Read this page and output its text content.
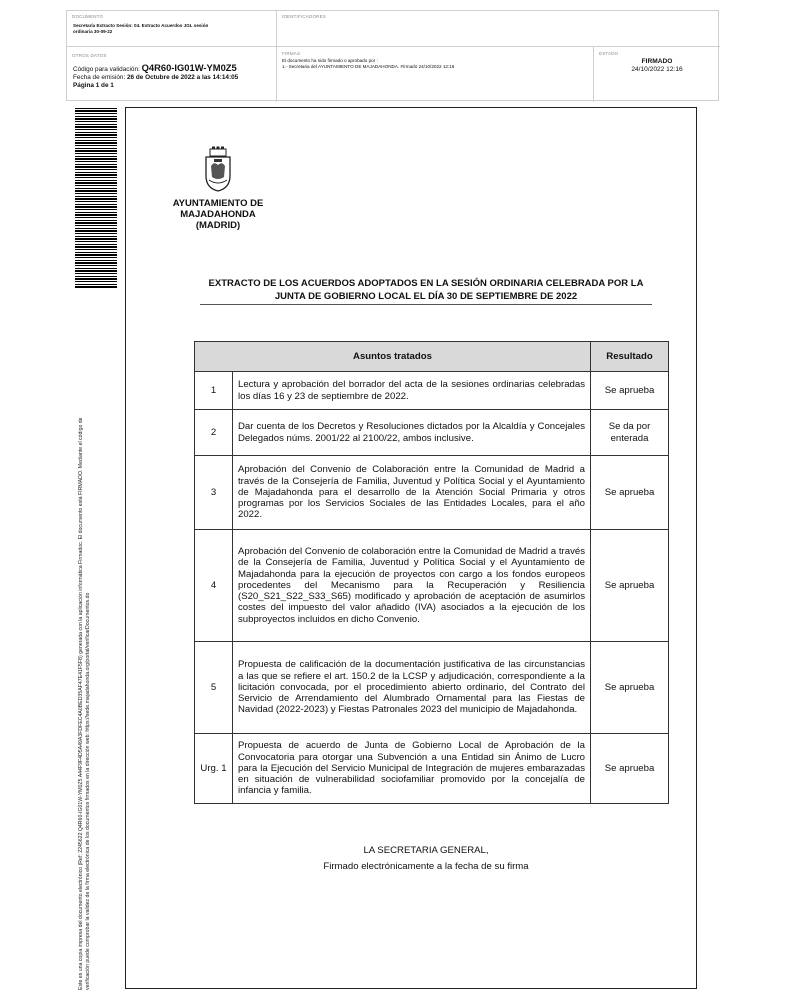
DOCUMENTO
Secretaría Extracto Sesión: 04. Extracto Acuerdos JGL sesión ordinaria 30-09-22
IDENTIFICADORES
OTROS DATOS
Código para validación: Q4R60-IG01W-YM0Z5
Fecha de emisión: 26 de Octubre de 2022 a las 14:14:05
Página 1 de 1
FIRMAS
El documento ha sido firmado o aprobado por :
1.- Secretaria del AYUNTAMIENTO DE MAJADAHONDA. Firmado 24/10/2022 12:16
ESTADO
FIRMADO
24/10/2022 12:16
Este es una copia impresa del documento electrónico (Ref: 2245622 Q4R60-IG01W-YM0Z5 A44F9F4D5A49A3FDFEC4A0BED35AF47E41F5F8) generada con la aplicación informática Firmadoc. El documento está FIRMADO. Mediante el código de verificación puede comprobar la validez de la firma electrónica de los documentos firmados en la dirección web: https://sede.majadahonda.org/portal/verificarDocumentos.do
AYUNTAMIENTO DE
MAJADAHONDA
(MADRID)
EXTRACTO DE LOS ACUERDOS ADOPTADOS EN LA SESIÓN ORDINARIA CELEBRADA POR LA
JUNTA DE GOBIERNO LOCAL EL DÍA 30 DE SEPTIEMBRE DE 2022
Asuntos tratados		Resultado
1	Lectura y aprobación del borrador del acta de la sesiones ordinarias celebradas los días 16 y 23 de septiembre de 2022.	Se aprueba
2	Dar cuenta de los Decretos y Resoluciones dictados por la Alcaldía y Concejales Delegados núms. 2001/22 al 2100/22, ambos inclusive.	Se da por enterada
3	Aprobación del Convenio de Colaboración entre la Comunidad de Madrid a través de la Consejería de Familia, Juventud y Política Social y el Ayuntamiento de Majadahonda para el desarrollo de la Atención Social Primaria y otros programas por los Servicios Sociales de las Entidades Locales, para el año 2022.	Se aprueba
4	Aprobación del Convenio de colaboración entre la Comunidad de Madrid a través de la Consejería de Familia, Juventud y Política Social y el Ayuntamiento de Majadahonda para la ejecución de proyectos con cargo a los fondos europeos procedentes del Mecanismo para la Recuperación y Resiliencia (S20_S21_S22_S33_S65) modificado y aprobación de aceptación de asumirlos costes del impuesto del valor añadido (IVA) asociados a la ejecución de los subproyectos incluidos en dicho Convenio.	Se aprueba
5	Propuesta de calificación de la documentación justificativa de las circunstancias a las que se refiere el art. 150.2 de la LCSP y adjudicación, correspondiente a la licitación convocada, por el procedimiento abierto ordinario, del Contrato del Servicio de Arrendamiento del Alumbrado Ornamental para las Fiestas de Navidad (2022-2023) y Fiestas Patronales 2023 del municipio de Majadahonda.	Se aprueba
Urg. 1	Propuesta de acuerdo de Junta de Gobierno Local de Aprobación de la Convocatoria para otorgar una Subvención a una Entidad sin Ánimo de Lucro para la Ejecución del Servicio Municipal de Integración de mujeres embarazadas en situación de vulnerabilidad sociofamiliar promovido por la concejalía de infancia y familia.	Se aprueba
LA SECRETARIA GENERAL,
Firmado electrónicamente a la fecha de su firma
